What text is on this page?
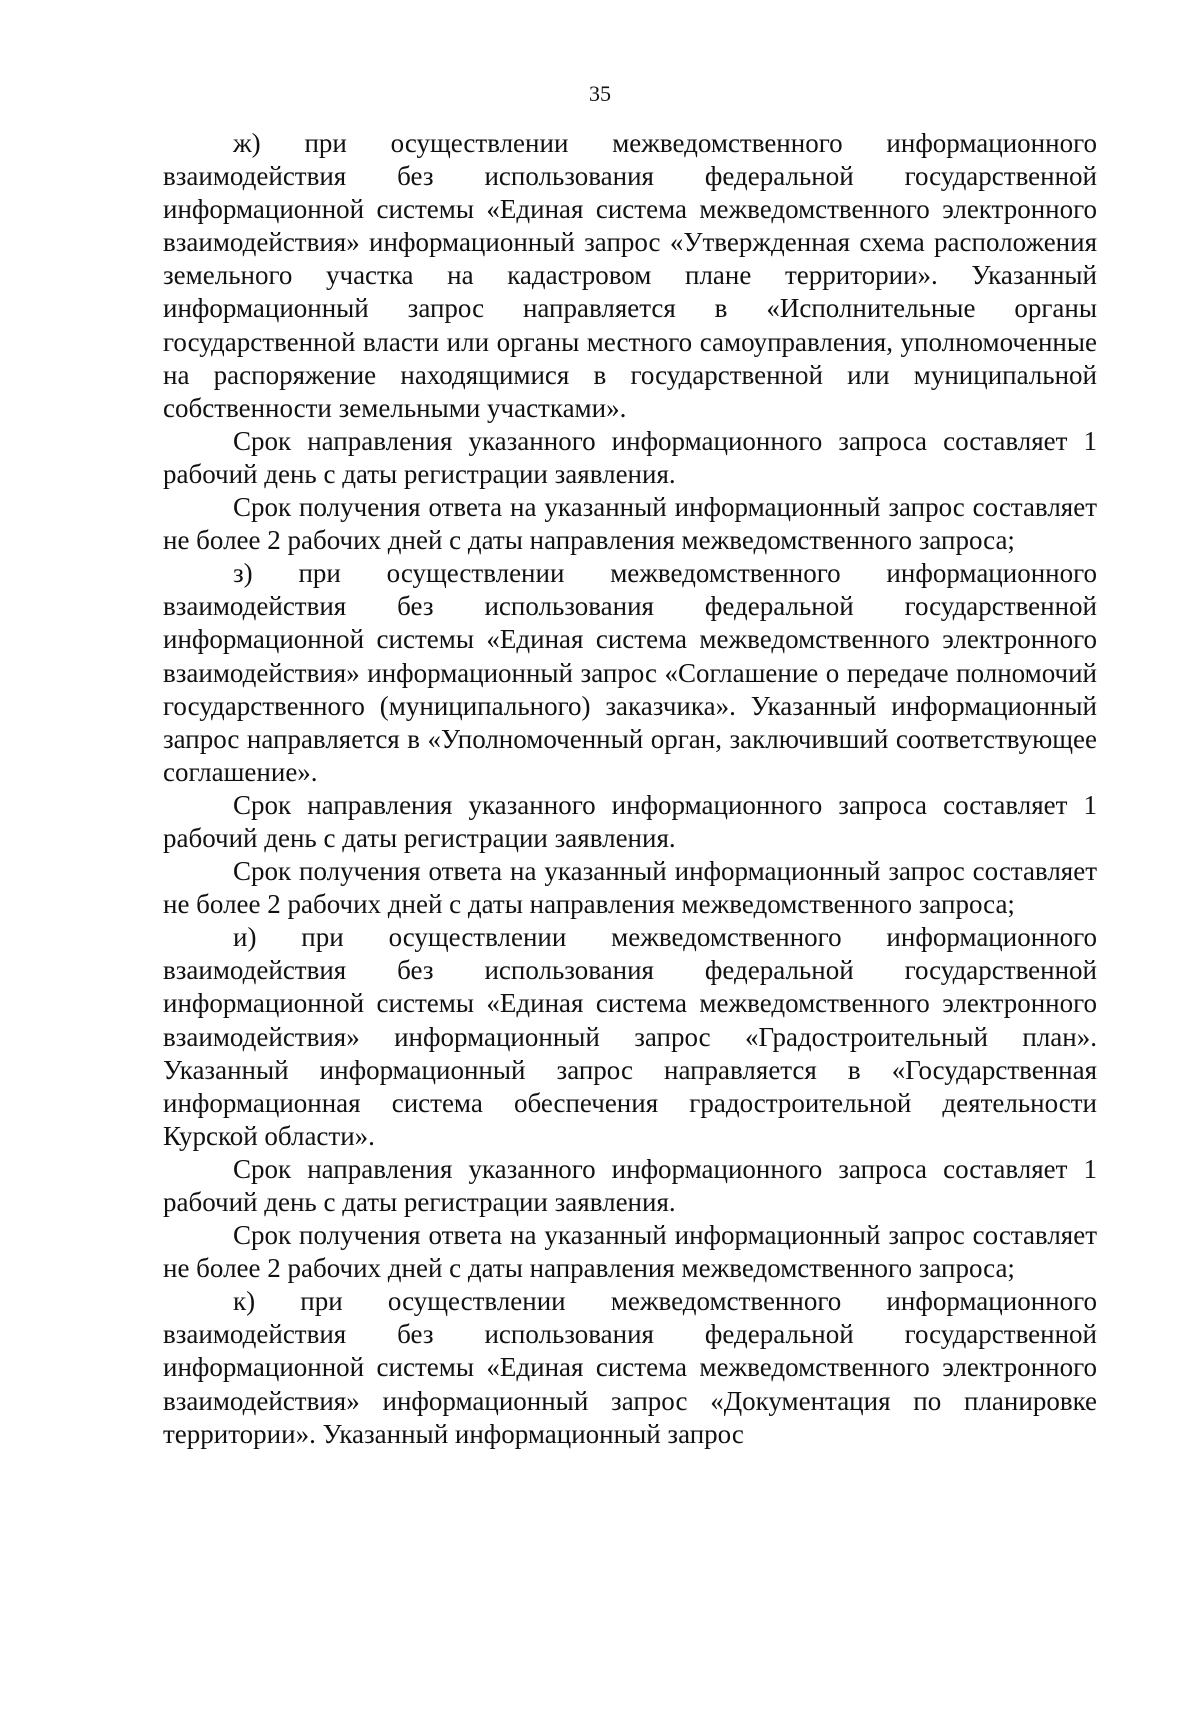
35

ж) при осуществлении межведомственного информационного взаимодействия без использования федеральной государственной информационной системы «Единая система межведомственного электронного взаимодействия» информационный запрос «Утвержденная схема расположения земельного участка на кадастровом плане территории». Указанный информационный запрос направляется в «Исполнительные органы государственной власти или органы местного самоуправления, уполномоченные на распоряжение находящимися в государственной или муниципальной собственности земельными участками».

Срок направления указанного информационного запроса составляет 1 рабочий день с даты регистрации заявления.

Срок получения ответа на указанный информационный запрос составляет не более 2 рабочих дней с даты направления межведомственного запроса;

з) при осуществлении межведомственного информационного взаимодействия без использования федеральной государственной информационной системы «Единая система межведомственного электронного взаимодействия» информационный запрос «Соглашение о передаче полномочий государственного (муниципального) заказчика». Указанный информационный запрос направляется в «Уполномоченный орган, заключивший соответствующее соглашение».

Срок направления указанного информационного запроса составляет 1 рабочий день с даты регистрации заявления.

Срок получения ответа на указанный информационный запрос составляет не более 2 рабочих дней с даты направления межведомственного запроса;

и) при осуществлении межведомственного информационного взаимодействия без использования федеральной государственной информационной системы «Единая система межведомственного электронного взаимодействия» информационный запрос «Градостроительный план». Указанный информационный запрос направляется в «Государственная информационная система обеспечения градостроительной деятельности Курской области».

Срок направления указанного информационного запроса составляет 1 рабочий день с даты регистрации заявления.

Срок получения ответа на указанный информационный запрос составляет не более 2 рабочих дней с даты направления межведомственного запроса;

к) при осуществлении межведомственного информационного взаимодействия без использования федеральной государственной информационной системы «Единая система межведомственного электронного взаимодействия» информационный запрос «Документация по планировке территории». Указанный информационный запрос
